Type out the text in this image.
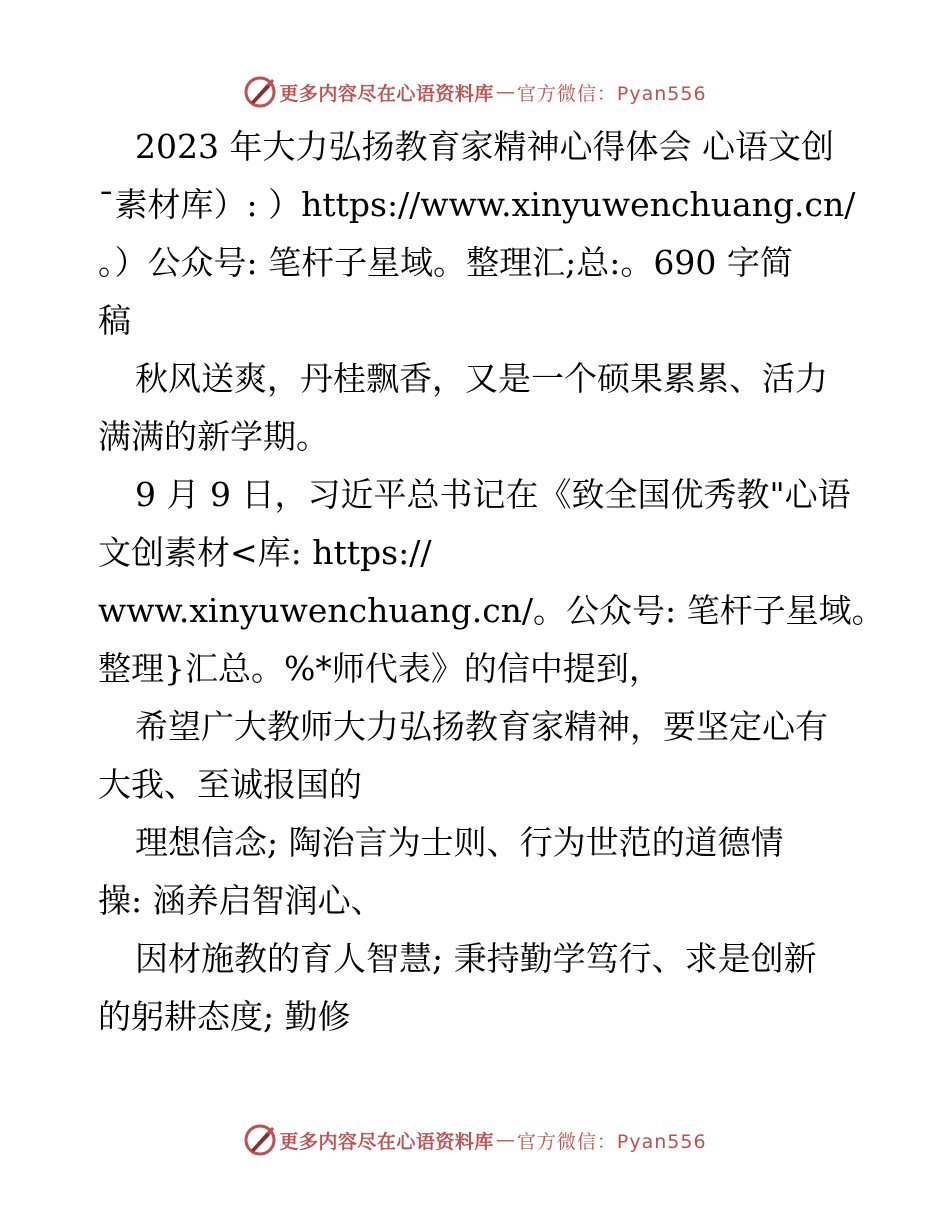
更多内容尽在心语资料库 — 官方微信：Pyan556

2023 年大力弘扬教育家精神心得体会 心语文创

¯素材库）: ）https://www.xinyuwenchuang.cn/

。）公众号: 笔杆子星域。整理汇;总:。690 字简

稿

秋风送爽，丹桂飘香，又是一个硕果累累、活力

满满的新学期。

9 月 9 日，习近平总书记在《致全国优秀教"心语

文创素材<库: https://

www.xinyuwenchuang.cn/。公众号: 笔杆子星域。

整理}汇总。%*师代表》的信中提到，

希望广大教师大力弘扬教育家精神，要坚定心有

大我、至诚报国的

理想信念; 陶治言为士则、行为世范的道德情

操: 涵养启智润心、

因材施教的育人智慧; 秉持勤学笃行、求是创新

的躬耕态度; 勤修

更多内容尽在心语资料库 — 官方微信：Pyan556
